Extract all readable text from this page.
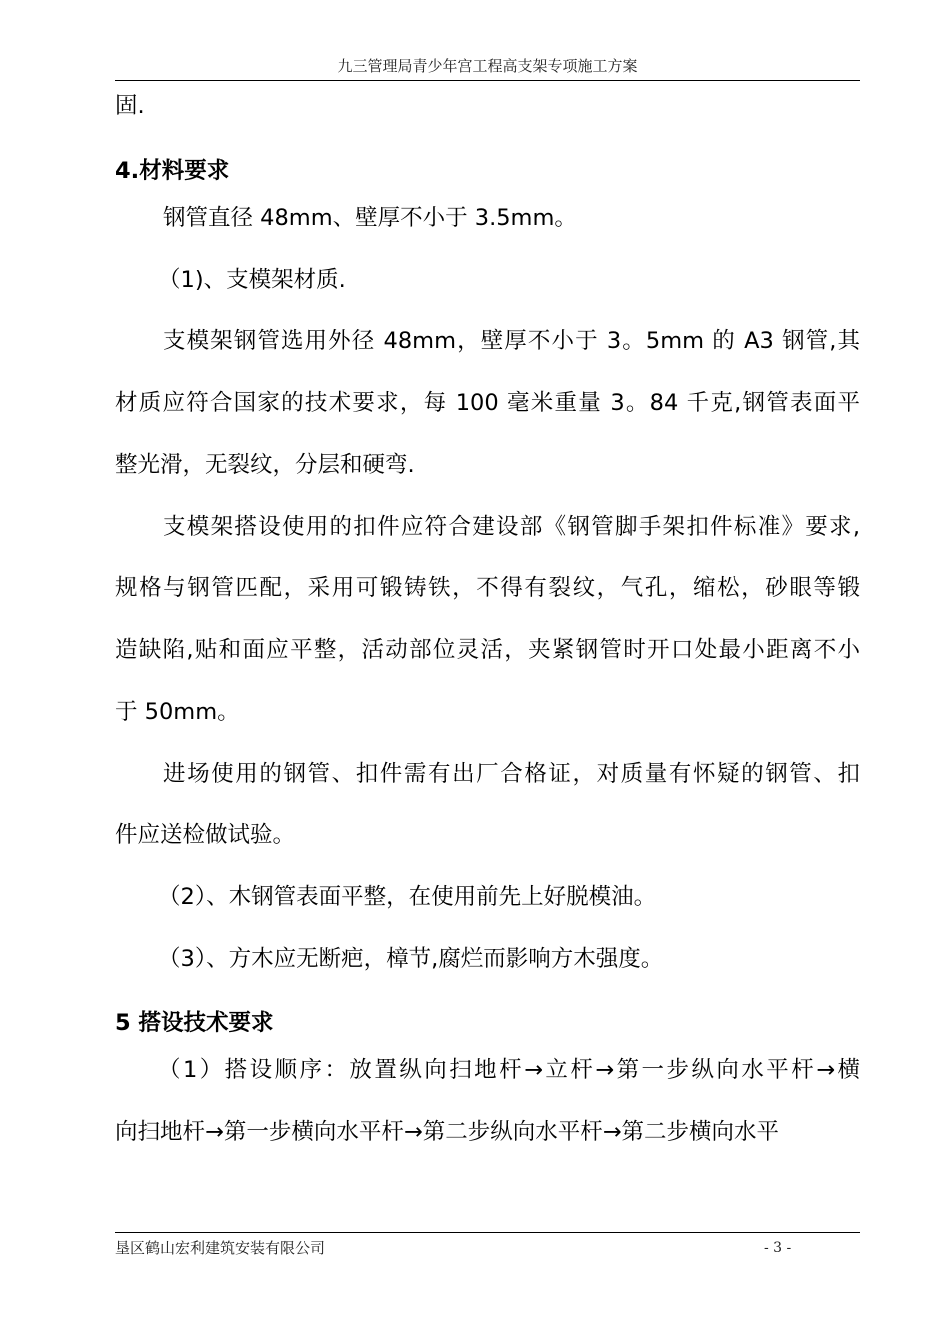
九三管理局青少年宫工程高支架专项施工方案
固.
4.材料要求
钢管直径 48mm、壁厚不小于 3.5mm。
（1)、支模架材质.
支模架钢管选用外径 48mm，壁厚不小于 3。5mm 的 A3 钢管,其
材质应符合国家的技术要求，每 100 毫米重量 3。84 千克,钢管表面平
整光滑，无裂纹，分层和硬弯.
支模架搭设使用的扣件应符合建设部《钢管脚手架扣件标准》要求,
规格与钢管匹配，采用可锻铸铁，不得有裂纹，气孔，缩松，砂眼等锻
造缺陷,贴和面应平整，活动部位灵活，夹紧钢管时开口处最小距离不小
于 50mm。
进场使用的钢管、扣件需有出厂合格证，对质量有怀疑的钢管、扣
件应送检做试验。
（2）、木钢管表面平整，在使用前先上好脱模油。
（3）、方木应无断疤，樟节,腐烂而影响方木强度。
5 搭设技术要求
（1）搭设顺序：放置纵向扫地杆→立杆→第一步纵向水平杆→横
向扫地杆→第一步横向水平杆→第二步纵向水平杆→第二步横向水平
垦区鹤山宏利建筑安装有限公司	- 3 -
